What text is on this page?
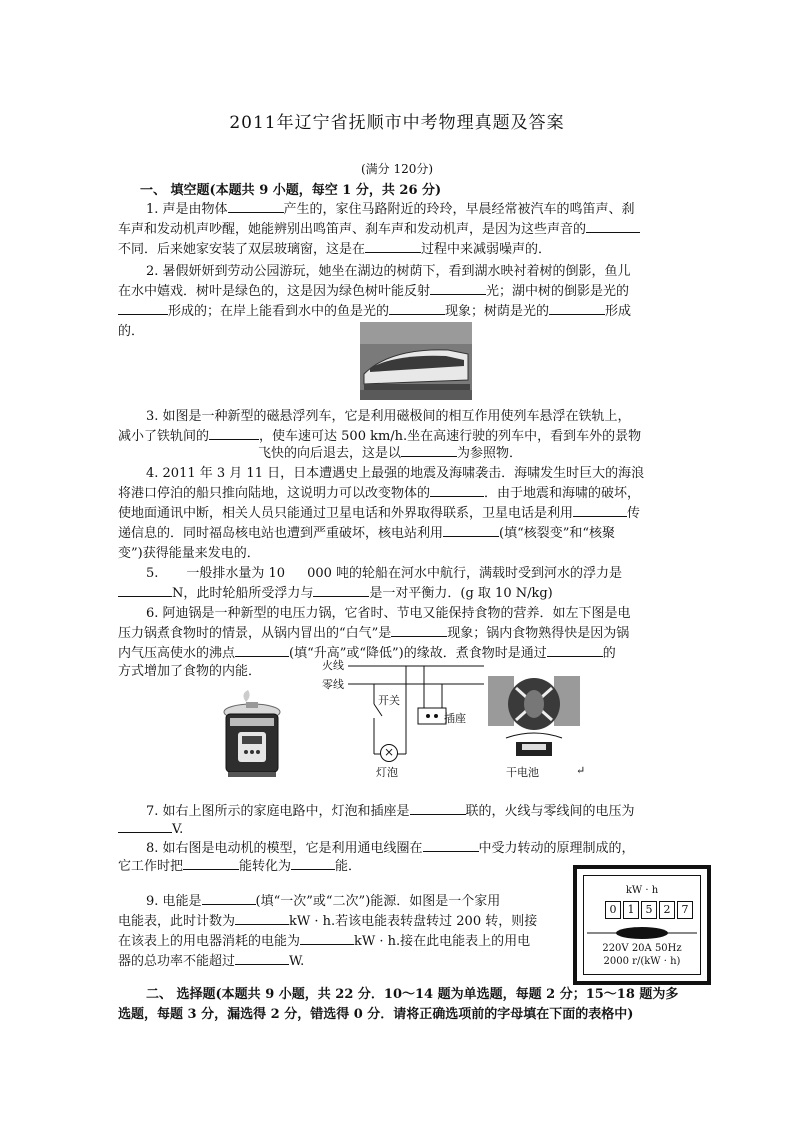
2011年辽宁省抚顺市中考物理真题及答案
(满分 120分)
一、 填空题(本题共 9 小题，每空 1 分，共 26 分)
1. 声是由物体	产生的，家住马路附近的玲玲，早晨经常被汽车的鸣笛声、刹
车声和发动机声吵醒，她能辨别出鸣笛声、刹车声和发动机声，是因为这些声音的
不同．后来她家安装了双层玻璃窗，这是在	过程中来减弱噪声的．
2. 暑假妍妍到劳动公园游玩，她坐在湖边的树荫下，看到湖水映衬着树的倒影，鱼儿
在水中嬉戏．树叶是绿色的，这是因为绿色树叶能反射	光；湖中树的倒影是光的
形成的；在岸上能看到水中的鱼是光的	现象；树荫是光的	形成
的．
3. 如图是一种新型的磁悬浮列车，它是利用磁极间的相互作用使列车悬浮在铁轨上，
减小了铁轨间的	，使车速可达 500 km/h.坐在高速行驶的列车中，看到车外的景物
飞快的向后退去，这是以	为参照物．
4. 2011 年 3 月 11 日，日本遭遇史上最强的地震及海啸袭击．海啸发生时巨大的海浪
将港口停泊的船只推向陆地，这说明力可以改变物体的	．由于地震和海啸的破坏，
使地面通讯中断，相关人员只能通过卫星电话和外界取得联系，卫星电话是利用	传
递信息的．同时福岛核电站也遭到严重破坏，核电站利用	(填“核裂变”和“核聚
变”)获得能量来发电的．
5. 一般排水量为 10 000 吨的轮船在河水中航行，满载时受到河水的浮力是
N，此时轮船所受浮力与	是一对平衡力．(g 取 10 N/kg)
6. 阿迪锅是一种新型的电压力锅，它省时、节电又能保持食物的营养．如左下图是电
压力锅煮食物时的情景，从锅内冒出的“白气”是	现象；锅内食物熟得快是因为锅
内气压高使水的沸点	(填“升高”或“降低”)的缘故．煮食物时是通过	的
方式增加了食物的内能．	火线
零线
开关
插座
×
灯泡	干电池	↵
7. 如右上图所示的家庭电路中，灯泡和插座是	联的，火线与零线间的电压为
V.
8. 如右图是电动机的模型，它是利用通电线圈在	中受力转动的原理制成的，
它工作时把	能转化为	能．
9. 电能是	(填“一次”或“二次”)能源．如图是一个家用
电能表，此时计数为	kW · h.若该电能表转盘转过 200 转，则接
在该表上的用电器消耗的电能为	kW · h.接在此电能表上的用电
器的总功率不能超过	W.
kW · h
0	1	5	2	7
220V 20A 50Hz
2000 r/(kW · h)
二、 选择题(本题共 9 小题，共 22 分．10～14 题为单选题，每题 2 分；15～18 题为多
选题，每题 3 分，漏选得 2 分，错选得 0 分．请将正确选项前的字母填在下面的表格中)
